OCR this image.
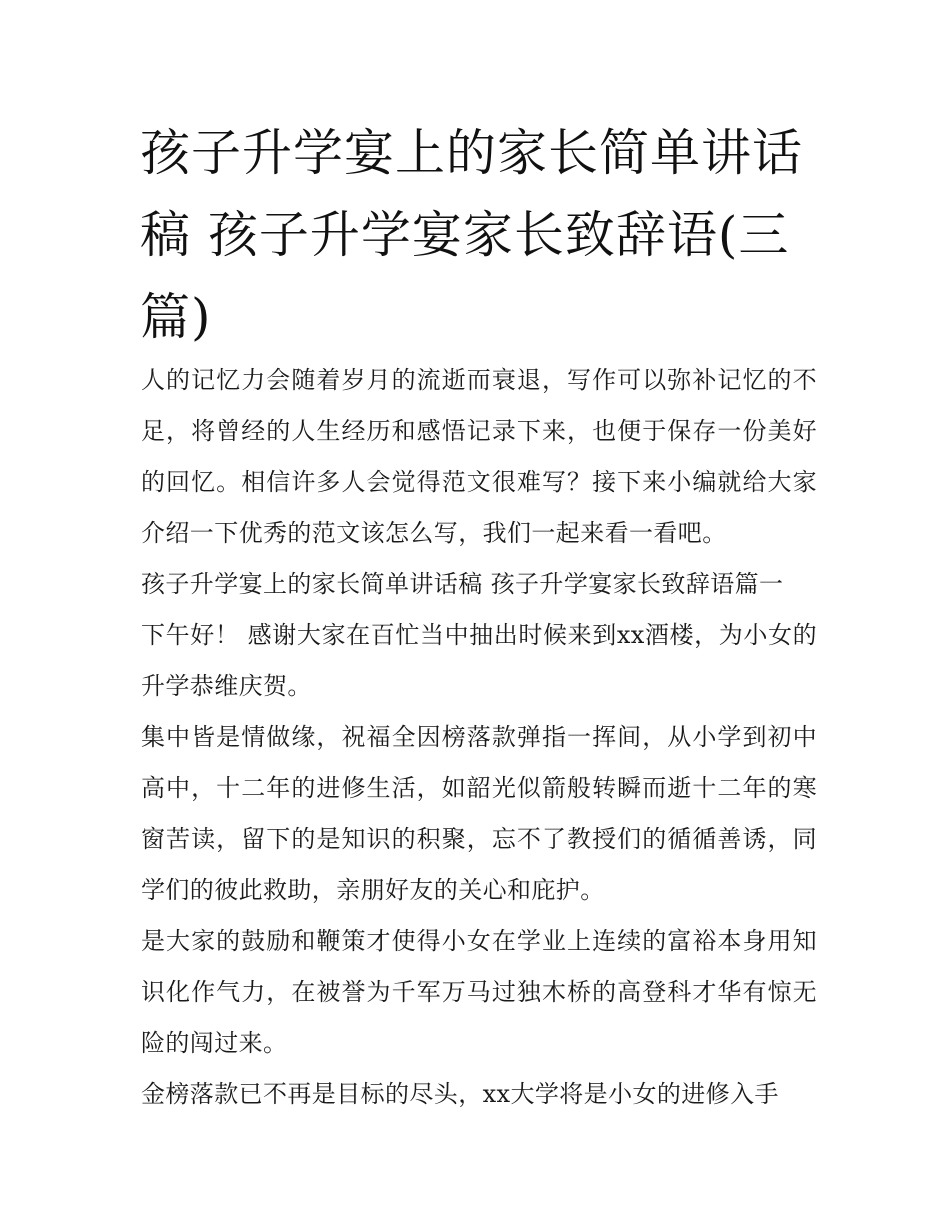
孩子升学宴上的家长简单讲话稿 孩子升学宴家长致辞语(三篇)

人的记忆力会随着岁月的流逝而衰退，写作可以弥补记忆的不足，将曾经的人生经历和感悟记录下来，也便于保存一份美好的回忆。相信许多人会觉得范文很难写？接下来小编就给大家介绍一下优秀的范文该怎么写，我们一起来看一看吧。

孩子升学宴上的家长简单讲话稿 孩子升学宴家长致辞语篇一

下午好！ 感谢大家在百忙当中抽出时候来到xx酒楼，为小女的升学恭维庆贺。

集中皆是情做缘，祝福全因榜落款弹指一挥间，从小学到初中高中，十二年的进修生活，如韶光似箭般转瞬而逝十二年的寒窗苦读，留下的是知识的积聚，忘不了教授们的循循善诱，同学们的彼此救助，亲朋好友的关心和庇护。

是大家的鼓励和鞭策才使得小女在学业上连续的富裕本身用知识化作气力，在被誉为千军万马过独木桥的高登科才华有惊无险的闯过来。

金榜落款已不再是目标的尽头，xx大学将是小女的进修入手
